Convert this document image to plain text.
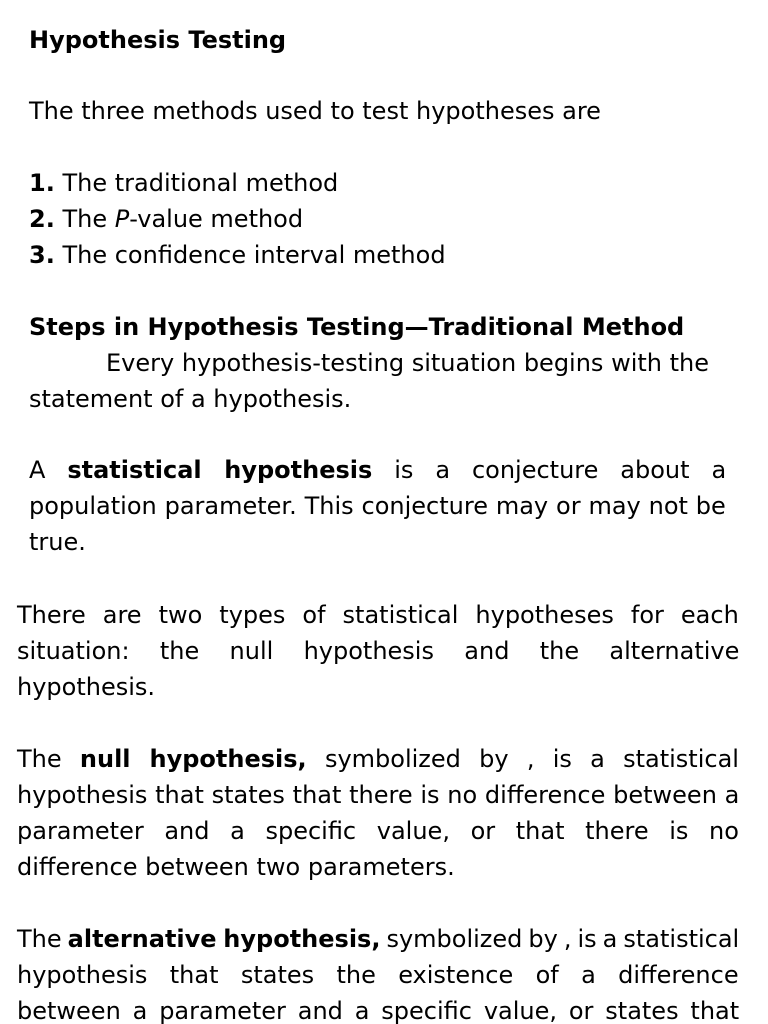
Hypothesis Testing
The three methods used to test hypotheses are
1. The traditional method
2. The P-value method
3. The confidence interval method
Steps in Hypothesis Testing—Traditional Method
Every hypothesis-testing situation begins with the
statement of a hypothesis.
A statistical hypothesis is a conjecture about a
population parameter. This conjecture may or may not be
true.
There are two types of statistical hypotheses for each
situation: the null hypothesis and the alternative
hypothesis.
The null hypothesis, symbolized by , is a statistical
hypothesis that states that there is no difference between a
parameter and a specific value, or that there is no
difference between two parameters.
The alternative hypothesis, symbolized by , is a statistical
hypothesis that states the existence of a difference
between a parameter and a specific value, or states that
